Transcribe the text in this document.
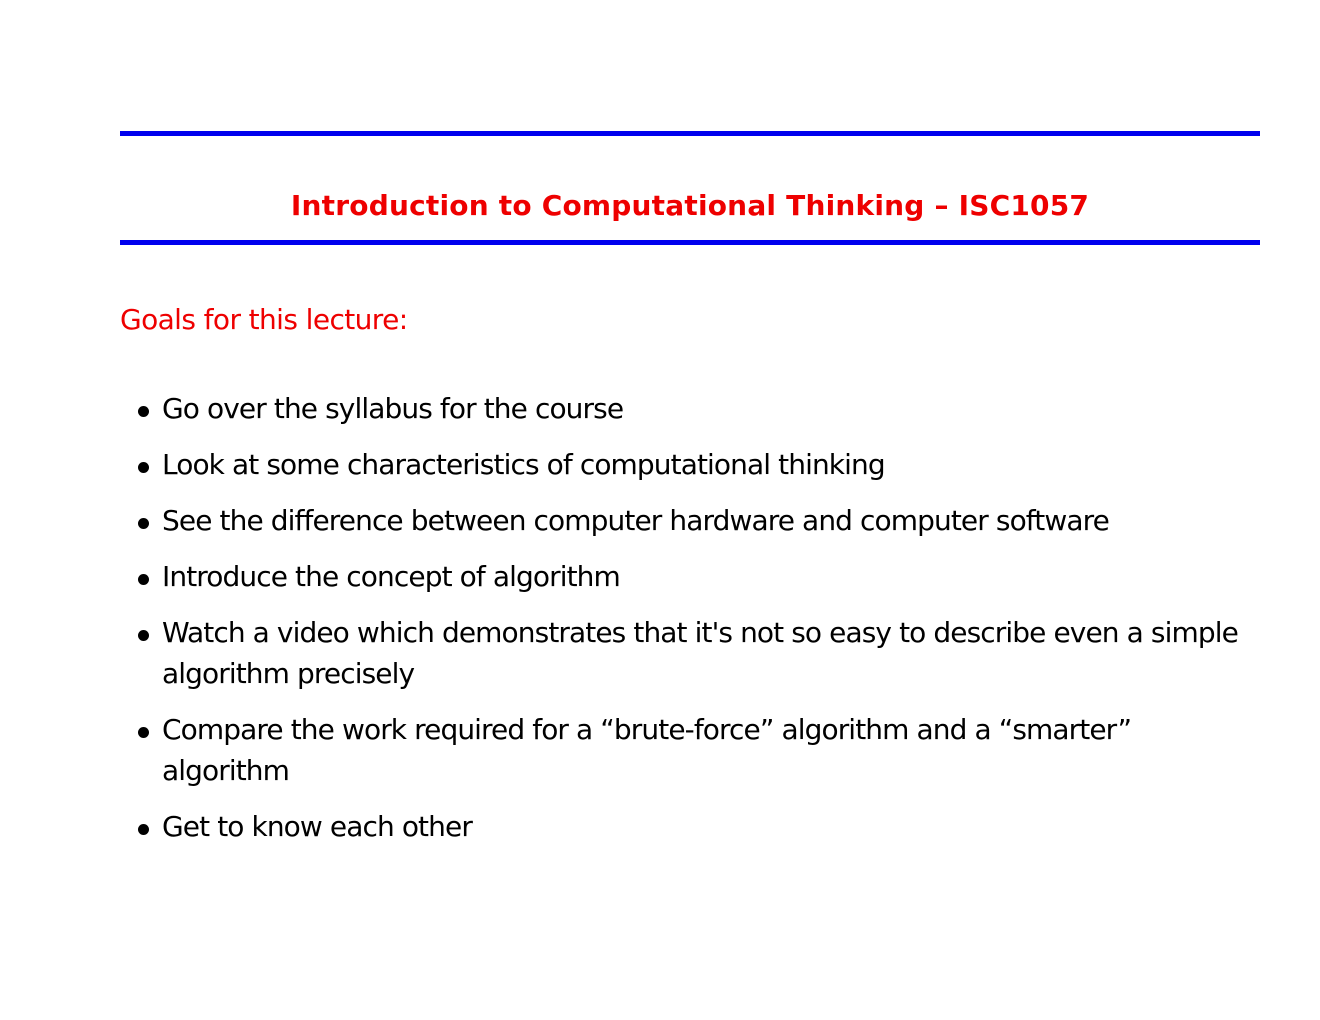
Introduction to Computational Thinking – ISC1057
Goals for this lecture:
Go over the syllabus for the course
Look at some characteristics of computational thinking
See the difference between computer hardware and computer software
Introduce the concept of algorithm
Watch a video which demonstrates that it's not so easy to describe even a simple algorithm precisely
Compare the work required for a “brute-force” algorithm and a “smarter” algorithm
Get to know each other
